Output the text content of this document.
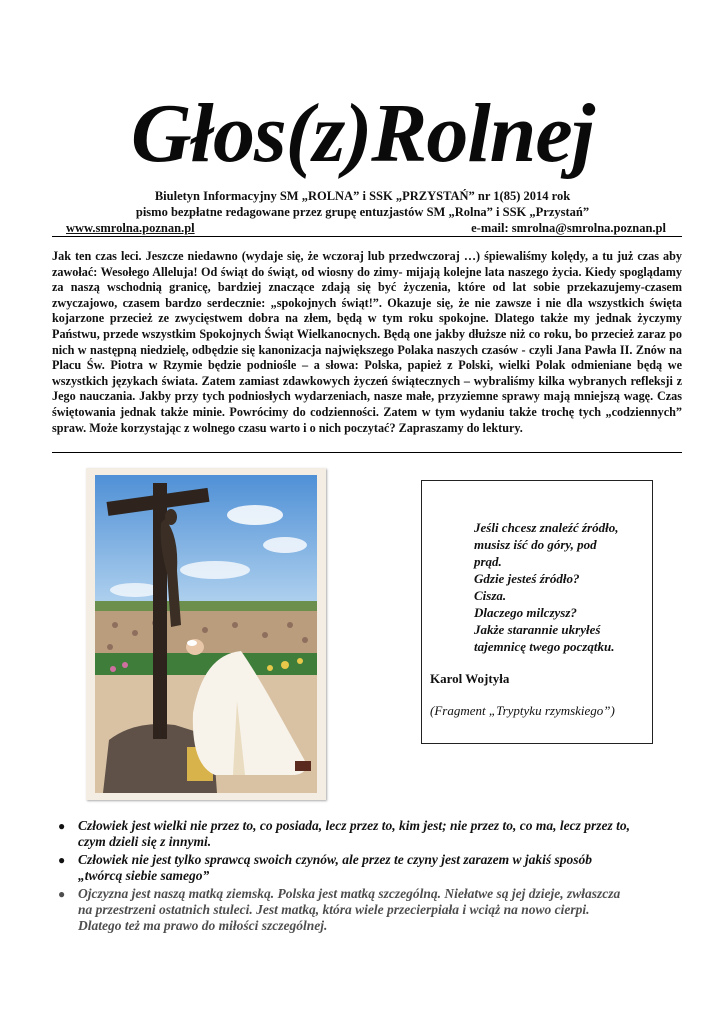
Głos(z)Rolnej
Biuletyn Informacyjny SM „ROLNA” i SSK „PRZYSTAŃ” nr 1(85) 2014 rok
pismo bezpłatne redagowane przez grupę entuzjastów SM „Rolna” i SSK „Przystań”
www.smrolna.poznan.pl	e-mail: smrolna@smrolna.poznan.pl
Jak ten czas leci. Jeszcze niedawno (wydaje się, że wczoraj lub przedwczoraj …) śpiewaliśmy kolędy, a tu już czas aby zawołać: Wesołego Alleluja! Od świąt do świąt, od wiosny do zimy- mijają kolejne lata naszego życia. Kiedy spoglądamy za naszą wschodnią granicę, bardziej znaczące zdają się być życzenia, które od lat sobie przekazujemy-czasem zwyczajowo, czasem bardzo serdecznie: „spokojnych świąt!”. Okazuje się, że nie zawsze i nie dla wszystkich święta kojarzone przecież ze zwycięstwem dobra na złem, będą w tym roku spokojne. Dlatego także my jednak życzymy Państwu, przede wszystkim Spokojnych Świąt Wielkanocnych. Będą one jakby dłuższe niż co roku, bo przecież zaraz po nich w następną niedzielę, odbędzie się kanonizacja największego Polaka naszych czasów - czyli Jana Pawła II. Znów na Placu Św. Piotra w Rzymie będzie podniośle – a słowa: Polska, papież z Polski, wielki Polak odmieniane będą we wszystkich językach świata. Zatem zamiast zdawkowych życzeń świątecznych – wybraliśmy kilka wybranych refleksji z Jego nauczania. Jakby przy tych podniosłych wydarzeniach, nasze małe, przyziemne sprawy mają mniejszą wagę. Czas świętowania jednak także minie. Powrócimy do codzienności. Zatem w tym wydaniu także trochę tych „codziennych” spraw. Może korzystając z wolnego czasu warto i o nich poczytać? Zapraszamy do lektury.
Jeśli chcesz znaleźć źródło,
musisz iść do góry, pod
prąd.
Gdzie jesteś źródło?
Cisza.
Dlaczego milczysz?
Jakże starannie ukryłeś
tajemnicę twego początku.
Karol Wojtyła
(Fragment „Tryptyku rzymskiego”)
● Człowiek jest wielki nie przez to, co posiada, lecz przez to, kim jest; nie przez to, co ma, lecz przez to,
czym dzieli się z innymi.
● Człowiek nie jest tylko sprawcą swoich czynów, ale przez te czyny jest zarazem w jakiś sposób
„twórcą siebie samego”
● Ojczyzna jest naszą matką ziemską. Polska jest matką szczególną. Niełatwe są jej dzieje, zwłaszcza
na przestrzeni ostatnich stuleci. Jest matką, która wiele przecierpiała i wciąż na nowo cierpi.
Dlatego też ma prawo do miłości szczególnej.
